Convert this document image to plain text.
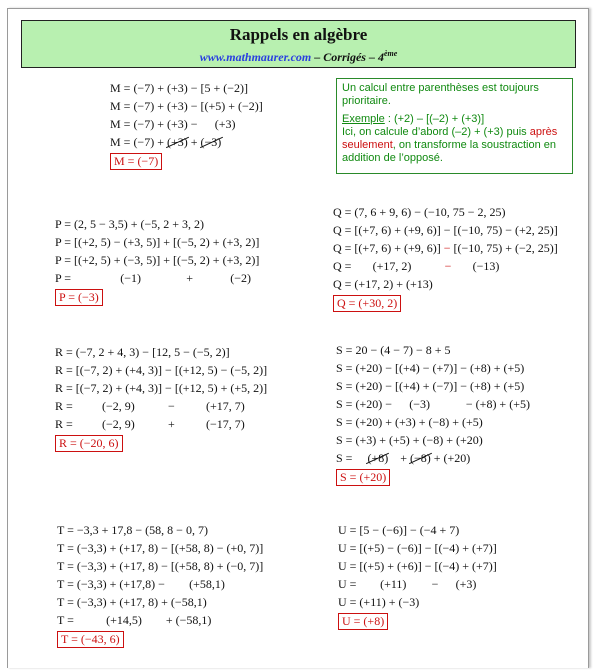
Rappels en algèbre
www.mathmaurer.com – Corrigés – 4ème
M = (−7) + (+3) − [5 + (−2)]
M = (−7) + (+3) − [(+5) + (−2)]
M = (−7) + (+3) − (+3)
M = (−7) + (+3) + (−3)
M = (−7)

Un calcul entre parenthèses est toujours prioritaire.

Exemple : (+2) – [(–2) + (+3)]

Ici, on calcule d’abord (–2) + (+3) puis après seulement, on transforme la soustraction en addition de l’opposé.

P = (2, 5 − 3,5) + (−5, 2 + 3, 2)
P = [(+2, 5) − (+3, 5)] + [(−5, 2) + (+3, 2)]
P = [(+2, 5) + (−3, 5)] + [(−5, 2) + (+3, 2)]
P =	(−1)	+	(−2)
P = (−3)
Q = (7, 6 + 9, 6) − (−10, 75 − 2, 25)
Q = [(+7, 6) + (+9, 6)] − [(−10, 75) − (+2, 25)]
Q = [(+7, 6) + (+9, 6)] − [(−10, 75) + (−2, 25)]
Q = (+17, 2)	− (−13)
Q = (+17, 2) + (+13)
Q = (+30, 2)
R = (−7, 2 + 4, 3) − [12, 5 − (−5, 2)]
R = [(−7, 2) + (+4, 3)] − [(+12, 5) − (−5, 2)]
R = [(−7, 2) + (+4, 3)] − [(+12, 5) + (+5, 2)]
R = (−2, 9)	−	(+17, 7)
R = (−2, 9)	+	(−17, 7)
R = (−20, 6)
S = 20 − (4 − 7) − 8 + 5
S = (+20) − [(+4) − (+7)] − (+8) + (+5)
S = (+20) − [(+4) + (−7)] − (+8) + (+5)
S = (+20) − (−3)	− (+8) + (+5)
S = (+20) + (+3) + (−8) + (+5)
S = (+3) + (+5) + (−8) + (+20)
S = (+8) + (−8) + (+20)
S = (+20)
T = −3,3 + 17,8 − (58, 8 − 0, 7)
T = (−3,3) + (+17, 8) − [(+58, 8) − (+0, 7)]
T = (−3,3) + (+17, 8) − [(+58, 8) + (−0, 7)]
T = (−3,3) + (+17,8) − (+58,1)
T = (−3,3) + (+17, 8) + (−58,1)
T =	(+14,5) + (−58,1)
T = (−43, 6)
U = [5 − (−6)] − (−4 + 7)
U = [(+5) − (−6)] − [(−4) + (+7)]
U = [(+5) + (+6)] − [(−4) + (+7)]
U = (+11) − (+3)
U = (+11) + (−3)
U = (+8)
